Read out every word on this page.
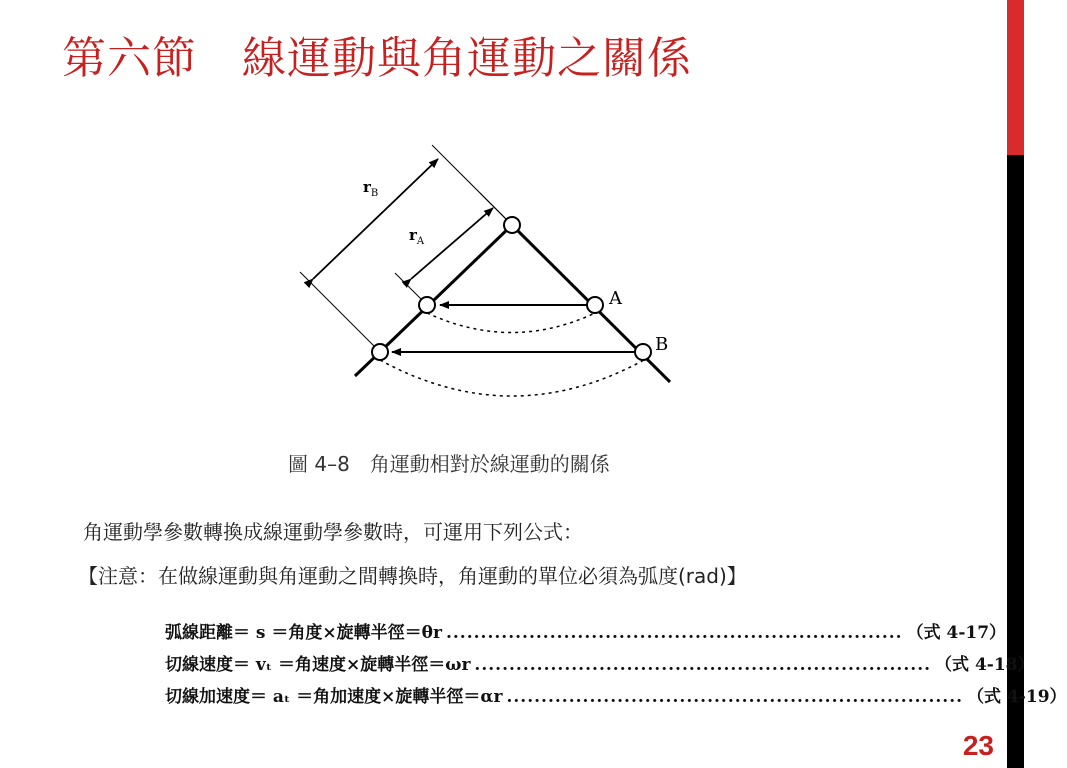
第六節　線運動與角運動之關係
$r_B$
$r_A$
A
B
圖 4–8　角運動相對於線運動的關係
角運動學參數轉換成線運動學參數時，可運用下列公式：
【注意：在做線運動與角運動之間轉換時，角運動的單位必須為弧度(rad)】
弧線距離＝ s ＝角度×旋轉半徑＝θr .................................................................. （式 4-17）
切線速度＝ vₜ ＝角速度×旋轉半徑＝ωr .................................................................. （式 4-18）
切線加速度＝ aₜ ＝角加速度×旋轉半徑＝αr .................................................................. （式 4-19）
23
